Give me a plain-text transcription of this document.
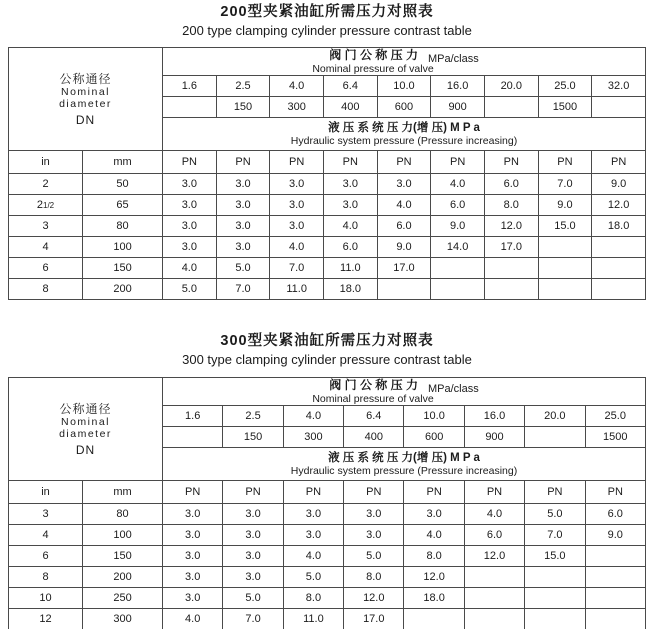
200型夹紧油缸所需压力对照表
200 type clamping cylinder pressure contrast table
公称通径
Nominal
diameter
DN

阀 门 公 称 压 力 MPa/class
Nominal pressure of valve

		1.6	2.5	4.0	6.4	10.0	16.0	20.0	25.0	32.0
			150	300	400	600	900		1500	

		液 压 系 统 压 力(增 压) M P a
Hydraulic system pressure (Pressure increasing)								

in	mm	PN	PN	PN	PN	PN	PN	PN	PN	PN
2	50	3.0	3.0	3.0	3.0	3.0	4.0	6.0	7.0	9.0
21/2	65	3.0	3.0	3.0	3.0	4.0	6.0	8.0	9.0	12.0
3	80	3.0	3.0	3.0	4.0	6.0	9.0	12.0	15.0	18.0
4	100	3.0	3.0	4.0	6.0	9.0	14.0	17.0		
6	150	4.0	5.0	7.0	11.0	17.0				
8	200	5.0	7.0	11.0	18.0					
300型夹紧油缸所需压力对照表
300 type clamping cylinder pressure contrast table
公称通径
Nominal
diameter
DN

阀 门 公 称 压 力 MPa/class
Nominal pressure of valve

		1.6	2.5	4.0	6.4	10.0	16.0	20.0	25.0
			150	300	400	600	900		1500

		液 压 系 统 压 力(增 压) M P a
Hydraulic system pressure (Pressure increasing)							

in	mm	PN	PN	PN	PN	PN	PN	PN	PN
3	80	3.0	3.0	3.0	3.0	3.0	4.0	5.0	6.0
4	100	3.0	3.0	3.0	3.0	4.0	6.0	7.0	9.0
6	150	3.0	3.0	4.0	5.0	8.0	12.0	15.0	
8	200	3.0	3.0	5.0	8.0	12.0			
10	250	3.0	5.0	8.0	12.0	18.0			
12	300	4.0	7.0	11.0	17.0				
